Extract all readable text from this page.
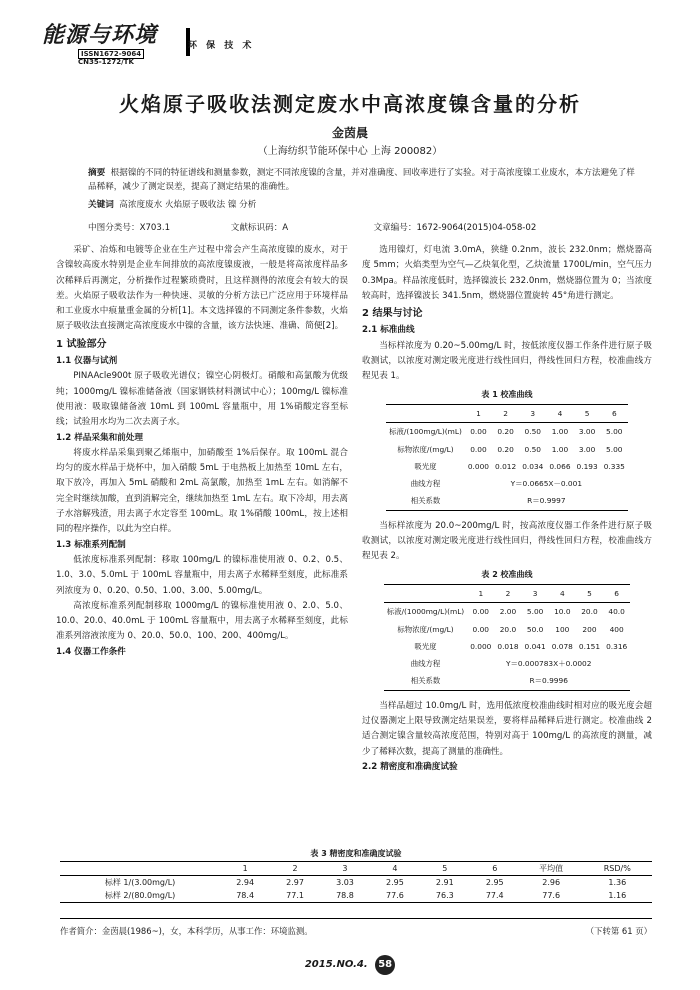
能源与环境
ISSN1672-9064
CN35-1272/TK
环 保 技 术
火焰原子吸收法测定废水中高浓度镍含量的分析
金茵晨
（上海纺织节能环保中心 上海 200082）
摘要 根据镍的不同的特征谱线和测量参数，测定不同浓度镍的含量，并对准确度、回收率进行了实验。对于高浓度镍工业废水，本方法避免了样品稀释，减少了测定误差，提高了测定结果的准确性。
关键词 高浓度废水 火焰原子吸收法 镍 分析
中图分类号：X703.1	文献标识码：A	文章编号：1672-9064(2015)04-058-02

采矿、冶炼和电镀等企业在生产过程中常会产生高浓度镍的废水，对于含镍较高废水特别是企业车间排放的高浓度镍废液，一般是将高浓度样品多次稀释后再测定，分析操作过程繁琐费时，且这样测得的浓度会有较大的误差。火焰原子吸收法作为一种快速、灵敏的分析方法已广泛应用于环境样品和工业废水中痕量重金属的分析[1]。本文选择镍的不同测定条件参数，火焰原子吸收法直接测定高浓度废水中镍的含量，该方法快速、准确、简便[2]。

1 试验部分
1.1 仪器与试剂

PINAAcle900t 原子吸收光谱仪；镍空心阴极灯。硝酸和高氯酸为优级纯；1000mg/L 镍标准储备液（国家钢铁材料测试中心）；100mg/L 镍标准使用液：吸取镍储备液 10mL 到 100mL 容量瓶中，用 1%硝酸定容至标线；试验用水均为二次去离子水。

1.2 样品采集和前处理

将废水样品采集到聚乙烯瓶中，加硝酸至 1%后保存。取 100mL 混合均匀的废水样品于烧杯中，加入硝酸 5mL 于电热板上加热至 10mL 左右，取下放冷，再加入 5mL 硝酸和 2mL 高氯酸，加热至 1mL 左右。如消解不完全时继续加酸，直到消解完全，继续加热至 1mL 左右。取下冷却，用去离子水溶解残渣，用去离子水定容至 100mL。取 1%硝酸 100mL，按上述相同的程序操作，以此为空白样。

1.3 标准系列配制

低浓度标准系列配制：移取 100mg/L 的镍标准使用液 0、0.2、0.5、1.0、3.0、5.0mL 于 100mL 容量瓶中，用去离子水稀释至刻度，此标准系列浓度为 0、0.20、0.50、1.00、3.00、5.00mg/L。

高浓度标准系列配制移取 1000mg/L 的镍标准使用液 0、2.0、5.0、10.0、20.0、40.0mL 于 100mL 容量瓶中，用去离子水稀释至刻度，此标准系列溶液浓度为 0、20.0、50.0、100、200、400mg/L。

1.4 仪器工作条件

选用镍灯，灯电流 3.0mA，狭缝 0.2nm，波长 232.0nm；燃烧器高度 5mm；火焰类型为空气—乙炔氧化型，乙炔流量 1700L/min，空气压力 0.3Mpa。样品浓度低时，选择镍波长 232.0nm，燃烧器位置为 0；当浓度较高时，选择镍波长 341.5nm，燃烧器位置旋转 45°角进行测定。

2 结果与讨论
2.1 标准曲线

当标样浓度为 0.20~5.00mg/L 时，按低浓度仪器工作条件进行原子吸收测试，以浓度对测定吸光度进行线性回归，得线性回归方程，校准曲线方程见表 1。

表 1 校准曲线
	1	2	3	4	5	6
标液/(100mg/L)(mL)	0.00	0.20	0.50	1.00	3.00	5.00
标物浓度/(mg/L)	0.00	0.20	0.50	1.00	3.00	5.00
吸光度	0.000	0.012	0.034	0.066	0.193	0.335
曲线方程	Y＝0.0665X－0.001					
相关系数	R＝0.9997					

当标样浓度为 20.0~200mg/L 时，按高浓度仪器工作条件进行原子吸收测试，以浓度对测定吸光度进行线性回归，得线性回归方程，校准曲线方程见表 2。

表 2 校准曲线
	1	2	3	4	5	6
标液/(1000mg/L)(mL)	0.00	2.00	5.00	10.0	20.0	40.0
标物浓度/(mg/L)	0.00	20.0	50.0	100	200	400
吸光度	0.000	0.018	0.041	0.078	0.151	0.316
曲线方程	Y＝0.000783X＋0.0002					
相关系数	R＝0.9996					

当样品超过 10.0mg/L 时，选用低浓度校准曲线时相对应的吸光度会超过仪器测定上限导致测定结果误差，要将样品稀释后进行测定。校准曲线 2 适合测定镍含量较高浓度范围，特别对高于 100mg/L 的高浓度的测量，减少了稀释次数，提高了测量的准确性。

2.2 精密度和准确度试验
表 3 精密度和准确度试验
	1	2	3	4	5	6	平均值	RSD/%
标样 1/(3.00mg/L)	2.94	2.97	3.03	2.95	2.91	2.95	2.96	1.36
标样 2/(80.0mg/L)	78.4	77.1	78.8	77.6	76.3	77.4	77.6	1.16
作者简介：金茵晨(1986~)，女，本科学历，从事工作：环境监测。	（下转第 61 页）
2015.NO.4. 58
